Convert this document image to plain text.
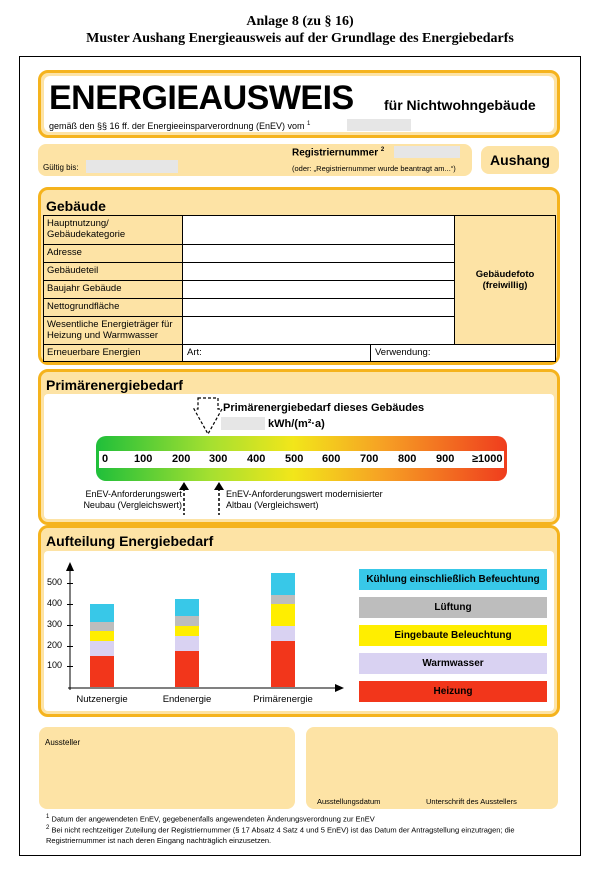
Anlage 8 (zu § 16)
Muster Aushang Energieausweis auf der Grundlage des Energiebedarfs
ENERGIEAUSWEIS für Nichtwohngebäude
gemäß den §§ 16 ff. der Energieeinsparverordnung (EnEV) vom $^1$
Gültig bis:
Registriernummer $^2$
(oder: „Registriernummer wurde beantragt am...“)
Aushang
Gebäude
Hauptnutzung/ Gebäudekategorie
Adresse
Gebäudeteil
Baujahr Gebäude
Nettogrundfläche
Wesentliche Energieträger für Heizung und Warmwasser
Erneuerbare Energien	Art:	Verwendung:
Gebäudefoto (freiwillig)
Primärenergiebedarf
Primärenergiebedarf dieses Gebäudes
kWh/(m²·a)
0 100 200 300 400 500 600 700 800 900 ≥1000
EnEV-Anforderungswert Neubau (Vergleichswert)
EnEV-Anforderungswert modernisierter Altbau (Vergleichswert)
Aufteilung Energiebedarf
100
200
300
400
500
Nutzenergie	Endenergie	Primärenergie
Kühlung einschließlich Befeuchtung
Lüftung
Eingebaute Beleuchtung
Warmwasser
Heizung
Aussteller
Ausstellungsdatum	Unterschrift des Ausstellers
$^1$ Datum der angewendeten EnEV, gegebenenfalls angewendeten Änderungsverordnung zur EnEV
$^2$ Bei nicht rechtzeitiger Zuteilung der Registriernummer (§ 17 Absatz 4 Satz 4 und 5 EnEV) ist das Datum der Antragstellung einzutragen; die Registriernummer ist nach deren Eingang nachträglich einzusetzen.
